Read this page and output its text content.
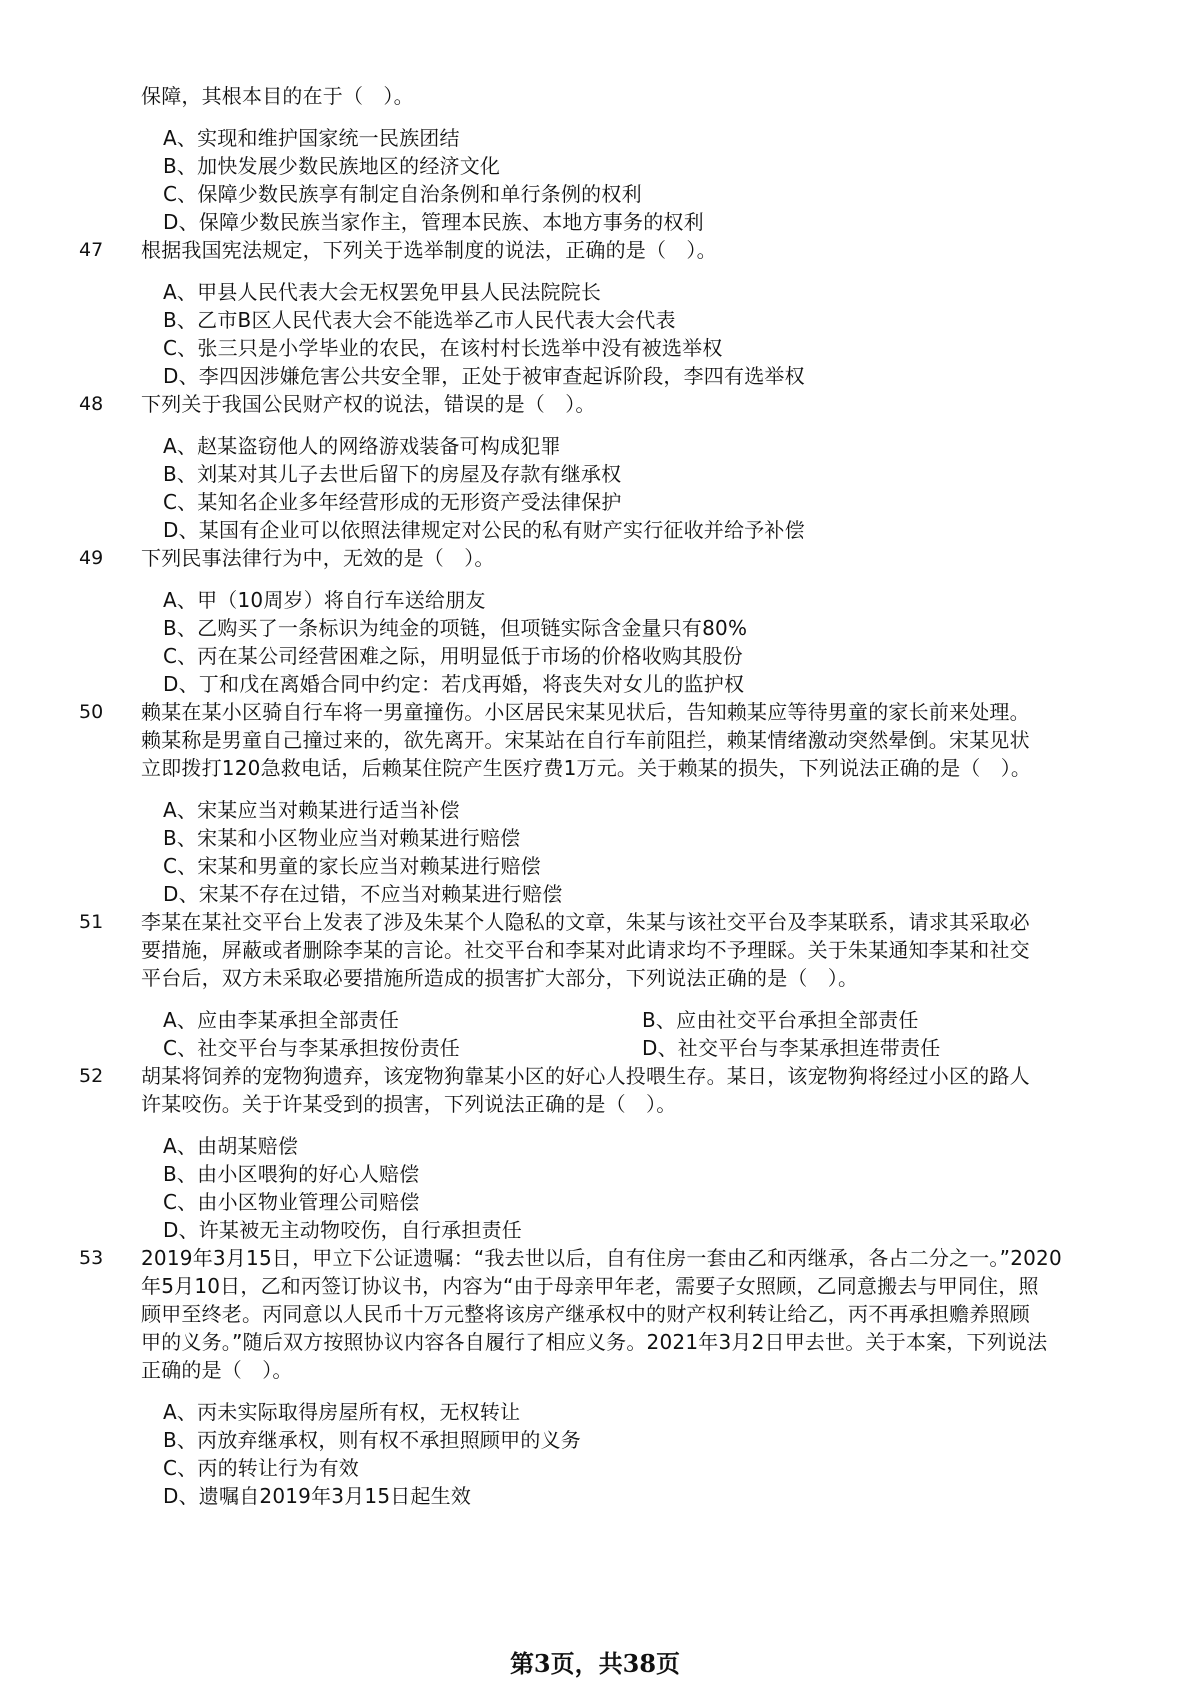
保障，其根本目的在于（　）。
A、实现和维护国家统一民族团结
B、加快发展少数民族地区的经济文化
C、保障少数民族享有制定自治条例和单行条例的权利
D、保障少数民族当家作主，管理本民族、本地方事务的权利
47 根据我国宪法规定，下列关于选举制度的说法，正确的是（　）。
A、甲县人民代表大会无权罢免甲县人民法院院长
B、乙市B区人民代表大会不能选举乙市人民代表大会代表
C、张三只是小学毕业的农民，在该村村长选举中没有被选举权
D、李四因涉嫌危害公共安全罪，正处于被审查起诉阶段，李四有选举权
48 下列关于我国公民财产权的说法，错误的是（　）。
A、赵某盗窃他人的网络游戏装备可构成犯罪
B、刘某对其儿子去世后留下的房屋及存款有继承权
C、某知名企业多年经营形成的无形资产受法律保护
D、某国有企业可以依照法律规定对公民的私有财产实行征收并给予补偿
49 下列民事法律行为中，无效的是（　）。
A、甲（10周岁）将自行车送给朋友
B、乙购买了一条标识为纯金的项链，但项链实际含金量只有80%
C、丙在某公司经营困难之际，用明显低于市场的价格收购其股份
D、丁和戊在离婚合同中约定：若戊再婚，将丧失对女儿的监护权
50 赖某在某小区骑自行车将一男童撞伤。小区居民宋某见状后，告知赖某应等待男童的家长前来处理。
赖某称是男童自己撞过来的，欲先离开。宋某站在自行车前阻拦，赖某情绪激动突然晕倒。宋某见状
立即拨打120急救电话，后赖某住院产生医疗费1万元。关于赖某的损失，下列说法正确的是（　）。
A、宋某应当对赖某进行适当补偿
B、宋某和小区物业应当对赖某进行赔偿
C、宋某和男童的家长应当对赖某进行赔偿
D、宋某不存在过错，不应当对赖某进行赔偿
51 李某在某社交平台上发表了涉及朱某个人隐私的文章，朱某与该社交平台及李某联系，请求其采取必
要措施，屏蔽或者删除李某的言论。社交平台和李某对此请求均不予理睬。关于朱某通知李某和社交
平台后，双方未采取必要措施所造成的损害扩大部分，下列说法正确的是（　）。
A、应由李某承担全部责任	B、应由社交平台承担全部责任
C、社交平台与李某承担按份责任	D、社交平台与李某承担连带责任
52 胡某将饲养的宠物狗遗弃，该宠物狗靠某小区的好心人投喂生存。某日，该宠物狗将经过小区的路人
许某咬伤。关于许某受到的损害，下列说法正确的是（　）。
A、由胡某赔偿
B、由小区喂狗的好心人赔偿
C、由小区物业管理公司赔偿
D、许某被无主动物咬伤，自行承担责任
53 2019年3月15日，甲立下公证遗嘱：“我去世以后，自有住房一套由乙和丙继承，各占二分之一。”2020
年5月10日，乙和丙签订协议书，内容为“由于母亲甲年老，需要子女照顾，乙同意搬去与甲同住，照
顾甲至终老。丙同意以人民币十万元整将该房产继承权中的财产权利转让给乙，丙不再承担赡养照顾
甲的义务。”随后双方按照协议内容各自履行了相应义务。2021年3月2日甲去世。关于本案，下列说法
正确的是（　）。
A、丙未实际取得房屋所有权，无权转让
B、丙放弃继承权，则有权不承担照顾甲的义务
C、丙的转让行为有效
D、遗嘱自2019年3月15日起生效
第3页，共38页
